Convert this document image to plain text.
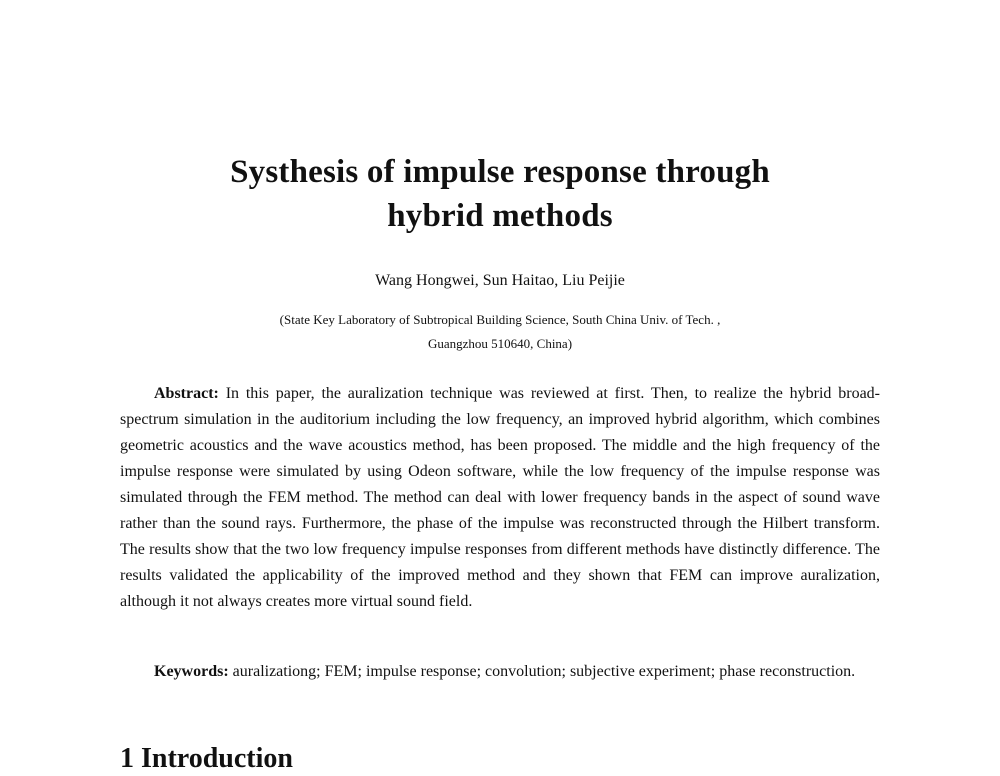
Systhesis of impulse response through
hybrid methods

Wang Hongwei, Sun Haitao, Liu Peijie

(State Key Laboratory of Subtropical Building Science, South China Univ. of Tech. ,
Guangzhou 510640, China)

Abstract: In this paper, the auralization technique was reviewed at first. Then, to realize the hybrid broad-spectrum simulation in the auditorium including the low frequency, an improved hybrid algorithm, which combines geometric acoustics and the wave acoustics method, has been proposed. The middle and the high frequency of the impulse response were simulated by using Odeon software, while the low frequency of the impulse response was simulated through the FEM method. The method can deal with lower frequency bands in the aspect of sound wave rather than the sound rays. Furthermore, the phase of the impulse was reconstructed through the Hilbert transform. The results show that the two low frequency impulse responses from different methods have distinctly difference. The results validated the applicability of the improved method and they shown that FEM can improve auralization, although it not always creates more virtual sound field.

Keywords: auralizationg; FEM; impulse response; convolution; subjective experiment; phase reconstruction.

1 Introduction
